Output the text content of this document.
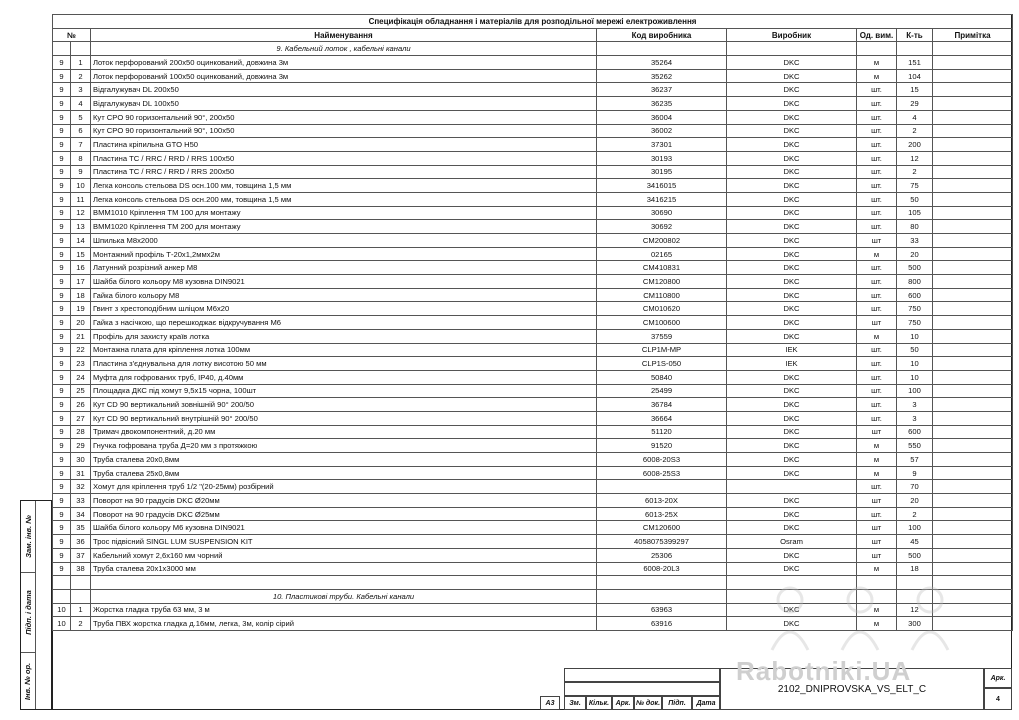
Специфікація обладнання і матеріалів для розподільної мережі електроживлення							
№		Найменування	Код виробника	Виробник	Од. вим.	К-ть	Примітка
		9. Кабельний лоток , кабельні канали					
9	1	Лоток перфорований 200х50 оцинкований, довжина 3м	35264	DKC	м	151	
9	2	Лоток перфорований 100х50 оцинкований, довжина 3м	35262	DKC	м	104	
9	3	Відгалужувач DL 200х50	36237	DKC	шт.	15	
9	4	Відгалужувач DL 100х50	36235	DKC	шт.	29	
9	5	Кут CPO 90 горизонтальний 90°, 200х50	36004	DKC	шт.	4	
9	6	Кут CPO 90 горизонтальний 90°, 100х50	36002	DKC	шт.	2	
9	7	Пластина кріпильна GTO H50	37301	DKC	шт.	200	
9	8	Пластина TC / RRC / RRD / RRS 100х50	30193	DKC	шт.	12	
9	9	Пластина TC / RRC / RRD / RRS 200х50	30195	DKC	шт.	2	
9	10	Легка консоль стельова DS осн.100 мм, товщина 1,5 мм	3416015	DKC	шт.	75	
9	11	Легка консоль стельова DS осн.200 мм, товщина 1,5 мм	3416215	DKC	шт.	50	
9	12	BMM1010 Кріплення ТМ 100 для монтажу	30690	DKC	шт.	105	
9	13	BMM1020 Кріплення ТМ 200 для монтажу	30692	DKC	шт.	80	
9	14	Шпилька М8х2000	CM200802	DKC	шт	33	
9	15	Монтажний профіль Т-20х1,2ммх2м	02165	DKC	м	20	
9	16	Латунний розрізний анкер М8	CM410831	DKC	шт.	500	
9	17	Шайба білого кольору М8 кузовна DIN9021	CM120800	DKC	шт.	800	
9	18	Гайка білого кольору М8	CM110800	DKC	шт.	600	
9	19	Гвинт з хрестоподібним шліцом М6х20	CM010620	DKC	шт.	750	
9	20	Гайка з насічкою, що перешкоджає відкручування М6	CM100600	DKC	шт	750	
9	21	Профіль для захисту країв лотка	37559	DKC	м	10	
9	22	Монтажна плата для кріплення лотка 100мм	CLP1M-MP	IEK	шт.	50	
9	23	Пластина з'єднувальна для лотку висотою 50 мм	CLP1S-050	IEK	шт.	10	
9	24	Муфта для гофрованих труб, IP40, д.40мм	50840	DKC	шт.	10	
9	25	Площадка ДКС під хомут 9,5х15 чорна, 100шт	25499	DKC	шт.	100	
9	26	Кут CD 90 вертикальний зовнішній 90° 200/50	36784	DKC	шт.	3	
9	27	Кут CD 90 вертикальний внутрішній 90° 200/50	36664	DKC	шт.	3	
9	28	Тримач двокомпонентний, д.20 мм	51120	DKC	шт	600	
9	29	Гнучка гофрована труба Д=20 мм з протяжкою	91520	DKC	м	550	
9	30	Труба сталева 20х0,8мм	6008-20S3	DKC	м	57	
9	31	Труба сталева 25х0,8мм	6008-25S3	DKC	м	9	
9	32	Хомут для кріплення труб 1/2 "(20-25мм) розбірний			шт.	70	
9	33	Поворот на 90 градусів DKC Ø20мм	6013-20X	DKC	шт	20	
9	34	Поворот на 90 градусів DKC Ø25мм	6013-25X	DKC	шт.	2	
9	35	Шайба білого кольору М6 кузовна DIN9021	CM120600	DKC	шт	100	
9	36	Трос підвісний SINGL LUM SUSPENSION KIT	4058075399297	Osram	шт	45	
9	37	Кабельний хомут 2,6х160 мм чорний	25306	DKC	шт	500	
9	38	Труба сталева 20х1х3000 мм	6008-20L3	DKC	м	18	

		10. Пластикові труби. Кабельні канали					
10	1	Жорстка гладка труба 63 мм, 3 м	63963	DKC	м	12	
10	2	Труба ПВХ жорстка гладка д.16мм, легка, 3м, колір сірий	63916	DKC	м	300	
Зам. інв. №
Підп. і дата
Інв. № ор.
А3	Зм.	Кільк. Арк. № док.	Підп.	Дата
2102_DNIPROVSKA_VS_ELT_C
Арк.
4
Rabotniki.UA
